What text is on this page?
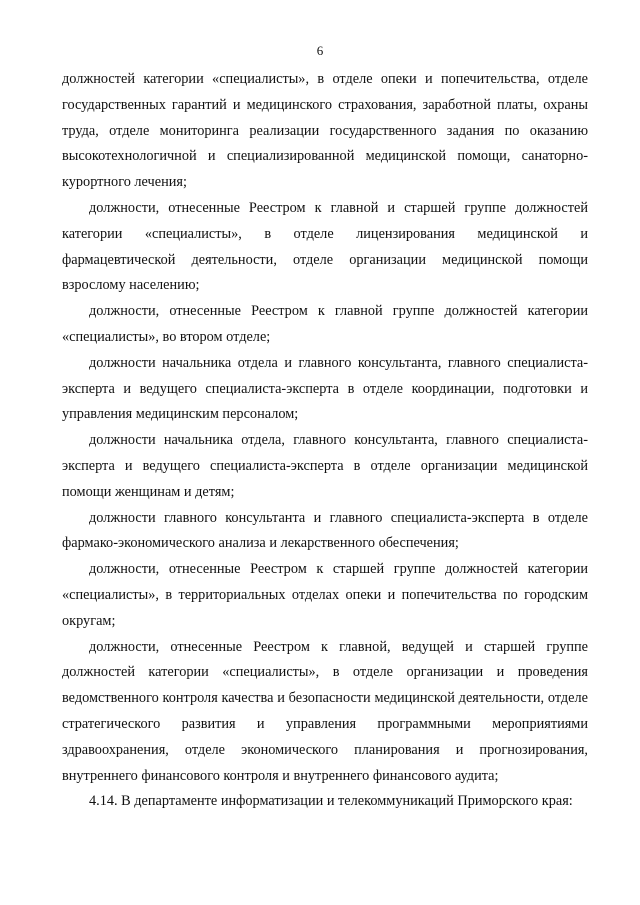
6

должностей категории «специалисты», в отделе опеки и попечительства, отделе государственных гарантий и медицинского страхования, заработной платы, охраны труда, отделе мониторинга реализации государственного задания по оказанию высокотехнологичной и специализированной медицинской помощи, санаторно-курортного лечения;

должности, отнесенные Реестром к главной и старшей группе должностей категории «специалисты», в отделе лицензирования медицинской и фармацевтической деятельности, отделе организации медицинской помощи взрослому населению;

должности, отнесенные Реестром к главной группе должностей категории «специалисты», во втором отделе;

должности начальника отдела и главного консультанта, главного специалиста-эксперта и ведущего специалиста-эксперта в отделе координации, подготовки и управления медицинским персоналом;

должности начальника отдела, главного консультанта, главного специалиста-эксперта и ведущего специалиста-эксперта в отделе организации медицинской помощи женщинам и детям;

должности главного консультанта и главного специалиста-эксперта в отделе фармако-экономического анализа и лекарственного обеспечения;

должности, отнесенные Реестром к старшей группе должностей категории «специалисты», в территориальных отделах опеки и попечительства по городским округам;

должности, отнесенные Реестром к главной, ведущей и старшей группе должностей категории «специалисты», в отделе организации и проведения ведомственного контроля качества и безопасности медицинской деятельности, отделе стратегического развития и управления программными мероприятиями здравоохранения, отделе экономического планирования и прогнозирования, внутреннего финансового контроля и внутреннего финансового аудита;

4.14. В департаменте информатизации и телекоммуникаций Приморского края:
